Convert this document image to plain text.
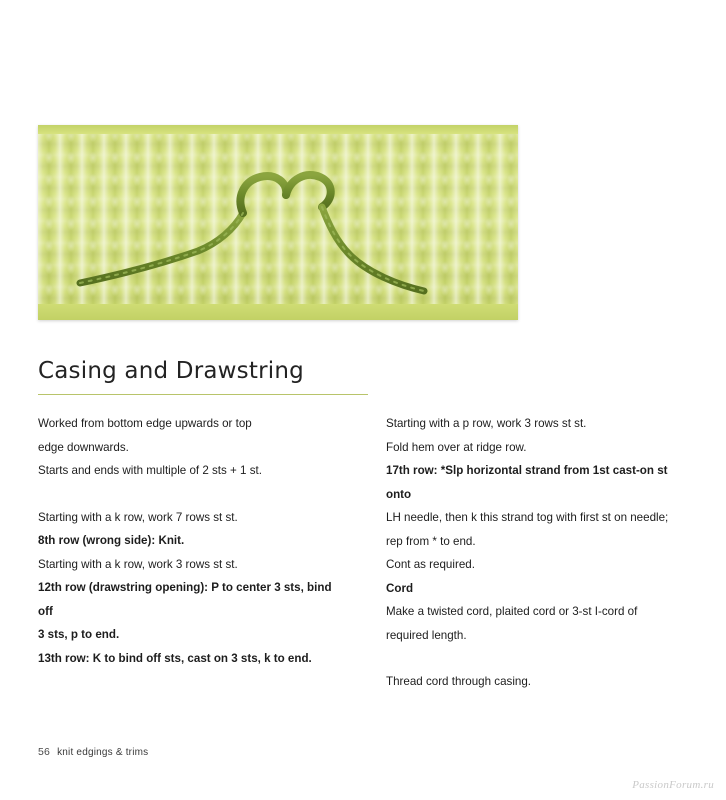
Casing and Drawstring

Worked from bottom edge upwards or top

edge downwards.

Starts and ends with multiple of 2 sts + 1 st.

Starting with a k row, work 7 rows st st.

8th row (wrong side): Knit.

Starting with a k row, work 3 rows st st.

12th row (drawstring opening): P to center 3 sts, bind off

3 sts, p to end.

13th row: K to bind off sts, cast on 3 sts, k to end.

Starting with a p row, work 3 rows st st.

Fold hem over at ridge row.

17th row: *Slp horizontal strand from 1st cast-on st onto

LH needle, then k this strand tog with first st on needle;

rep from * to end.

Cont as required.

Cord

Make a twisted cord, plaited cord or 3-st I-cord of

required length.

Thread cord through casing.

56 knit edgings & trims
PassionForum.ru
